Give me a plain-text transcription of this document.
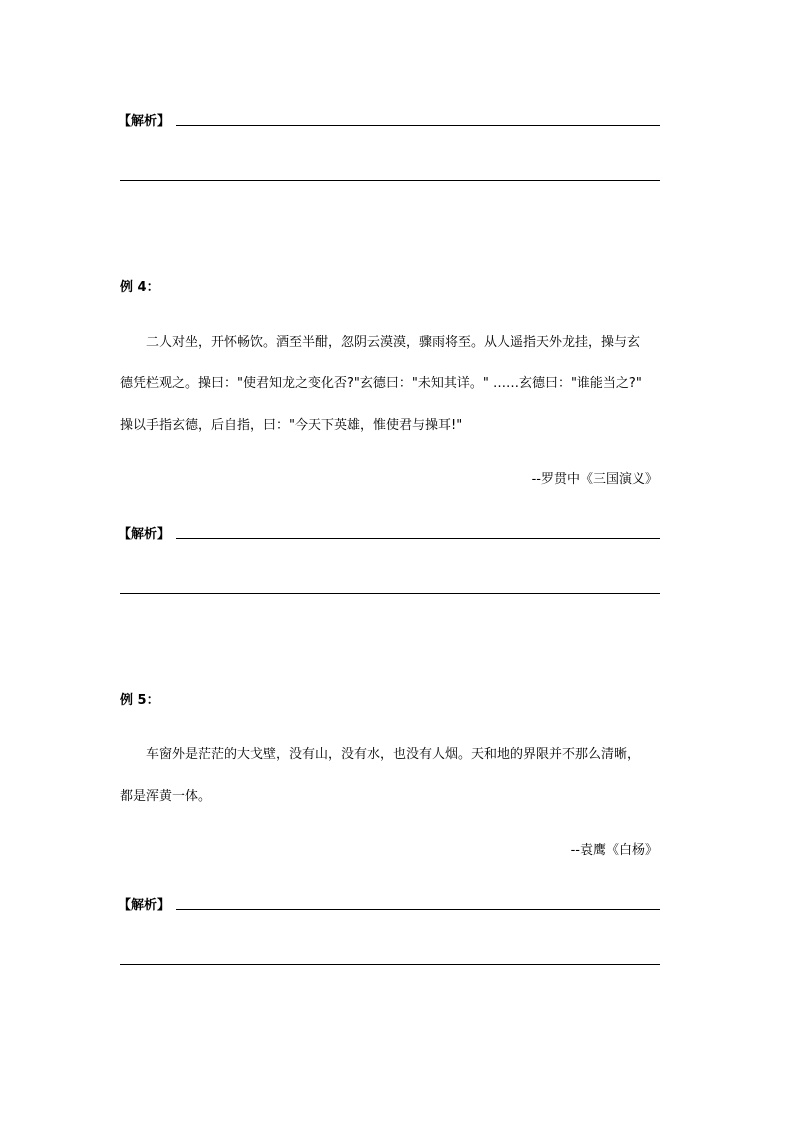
【解析】
例 4：
二人对坐，开怀畅饮。酒至半酣，忽阴云漠漠，骤雨将至。从人遥指天外龙挂，操与玄
德凭栏观之。操曰："使君知龙之变化否?"玄德曰："未知其详。" ……玄德曰："谁能当之?"
操以手指玄德，后自指，曰："今天下英雄，惟使君与操耳!"
--罗贯中《三国演义》
【解析】
例 5：
车窗外是茫茫的大戈壁，没有山，没有水，也没有人烟。天和地的界限并不那么清晰，
都是浑黄一体。
--袁鹰《白杨》
【解析】
